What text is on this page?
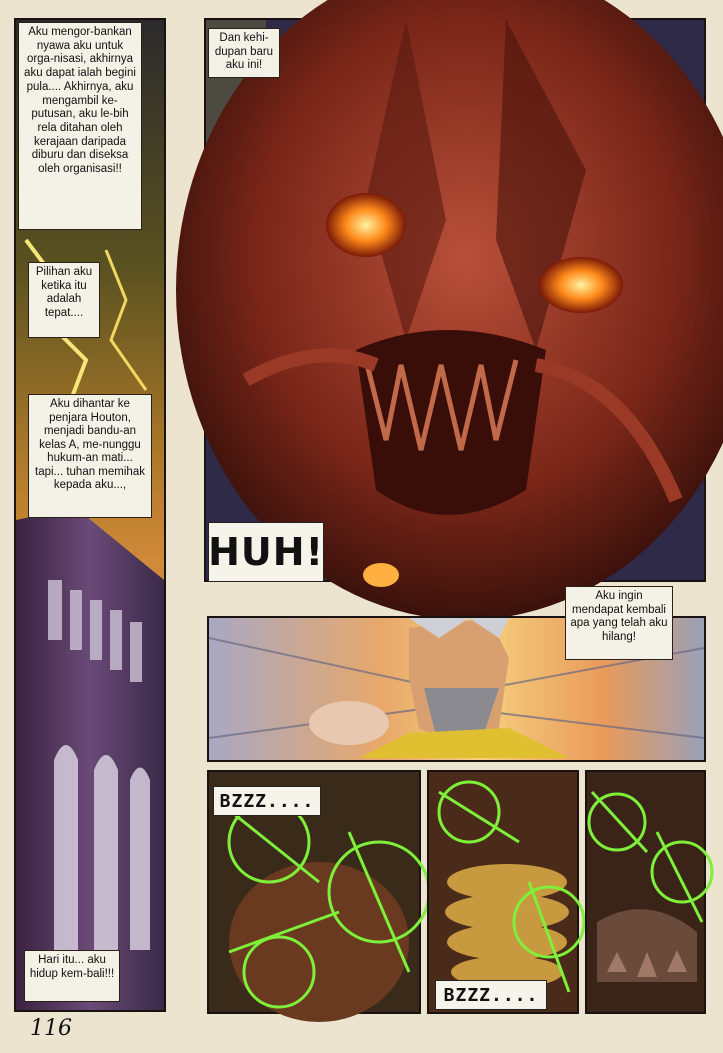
Aku mengor-bankan nyawa aku untuk orga-nisasi, akhirnya aku dapat ialah begini pula.... Akhirnya, aku mengambil ke-putusan, aku le-bih rela ditahan oleh kerajaan daripada diburu dan diseksa oleh organisasi!!
Pilihan aku ketika itu adalah tepat....
Aku dihantar ke penjara Houton, menjadi bandu-an kelas A, me-nunggu hukum-an mati... tapi... tuhan memihak kepada aku...,
Hari itu... aku hidup kem-bali!!!
Dan kehi-dupan baru aku ini!
HUH!
Aku ingin mendapat kembali apa yang telah aku hilang!
BZZZ....
BZZZ....
116
